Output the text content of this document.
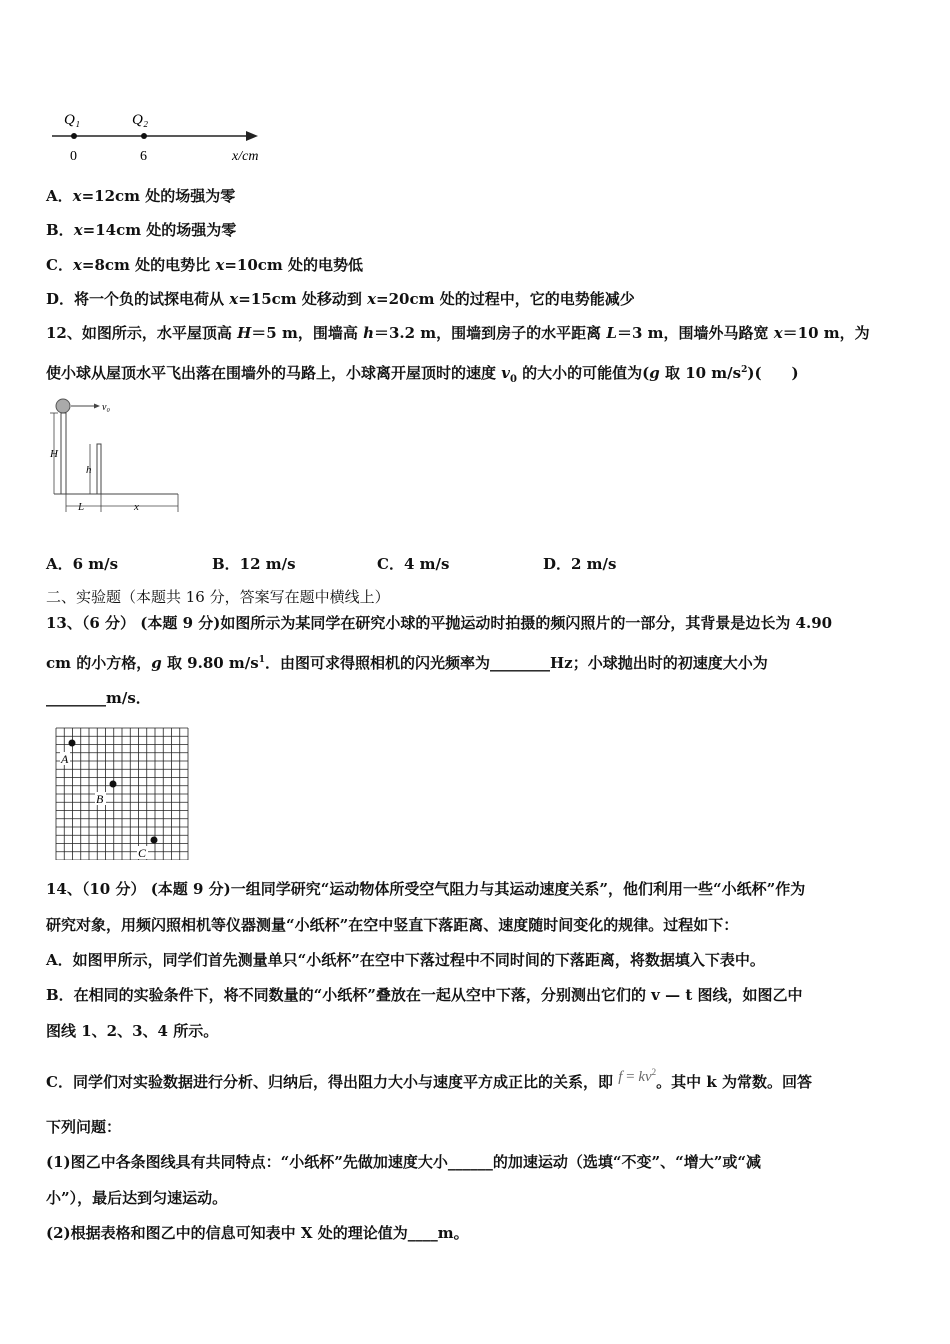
Q₁	Q₂
0	6	x/cm
A．x=12cm 处的场强为零
B．x=14cm 处的场强为零
C．x=8cm 处的电势比 x=10cm 处的电势低
D．将一个负的试探电荷从 x=15cm 处移动到 x=20cm 处的过程中，它的电势能减少
12、如图所示，水平屋顶高 H＝5 m，围墙高 h＝3.2 m，围墙到房子的水平距离 L＝3 m，围墙外马路宽 x＝10 m，为
使小球从屋顶水平飞出落在围墙外的马路上，小球离开屋顶时的速度 $v_0$ 的大小的可能值为(g 取 10 $m/s^2$)(　　)
v₀
H
h
L	x
A．6 m/s	B．12 m/s	C．4 m/s	D．2 m/s
二、实验题（本题共 16 分，答案写在题中横线上）
13、（6 分） (本题 9 分)如图所示为某同学在研究小球的平抛运动时拍摄的频闪照片的一部分，其背景是边长为 4.90
cm 的小方格，g 取 9.80 $m/s^1$．由图可求得照相机的闪光频率为________Hz；小球抛出时的初速度大小为
________m/s．
A
B
C
14、（10 分） (本题 9 分)一组同学研究“运动物体所受空气阻力与其运动速度关系”，他们利用一些“小纸杯”作为
研究对象，用频闪照相机等仪器测量“小纸杯”在空中竖直下落距离、速度随时间变化的规律。过程如下：
A．如图甲所示，同学们首先测量单只“小纸杯”在空中下落过程中不同时间的下落距离，将数据填入下表中。
B．在相同的实验条件下，将不同数量的“小纸杯”叠放在一起从空中下落，分别测出它们的 v — t 图线，如图乙中
图线 1、2、3、4 所示。
C．同学们对实验数据进行分析、归纳后，得出阻力大小与速度平方成正比的关系，即 $f = kv^2$。其中 k 为常数。回答
下列问题：
(1)图乙中各条图线具有共同特点：“小纸杯”先做加速度大小______的加速运动（选填“不变”、“增大”或“减
小”），最后达到匀速运动。
(2)根据表格和图乙中的信息可知表中 X 处的理论值为____m。
